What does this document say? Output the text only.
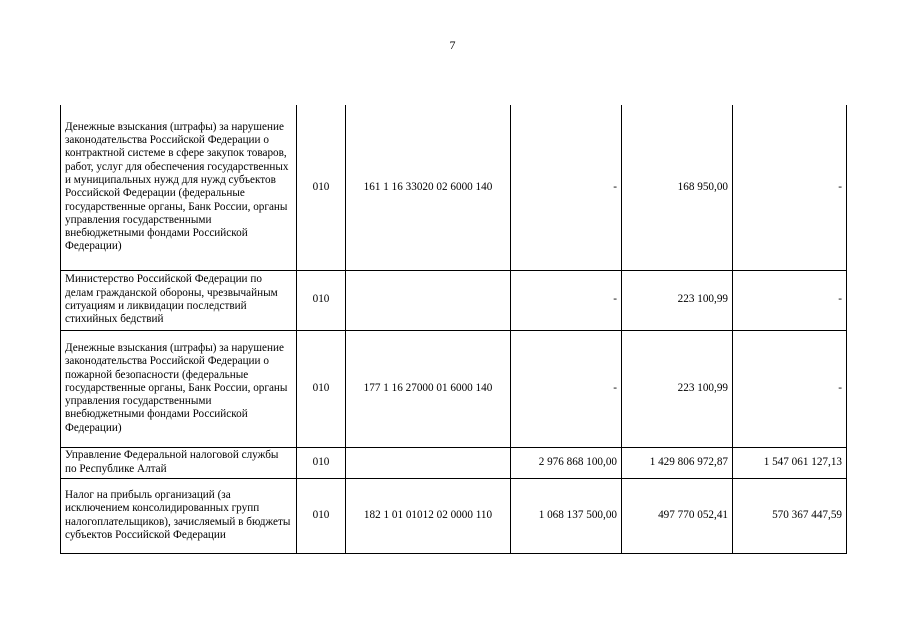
7
Денежные взыскания (штрафы) за нарушение законодательства Российской Федерации о контрактной системе в сфере закупок товаров, работ, услуг для обеспечения государственных и муниципальных нужд для нужд субъектов Российской Федерации (федеральные государственные органы, Банк России, органы управления государственными внебюджетными фондами Российской Федерации)	010	161 1 16 33020 02 6000 140	-	168 950,00	-
Министерство Российской Федерации по делам гражданской обороны, чрезвычайным ситуациям и ликвидации последствий стихийных бедствий	010		-	223 100,99	-
Денежные взыскания (штрафы) за нарушение законодательства Российской Федерации о пожарной безопасности (федеральные государственные органы, Банк России, органы управления государственными внебюджетными фондами Российской Федерации)	010	177 1 16 27000 01 6000 140	-	223 100,99	-
Управление Федеральной налоговой службы по Республике Алтай	010		2 976 868 100,00	1 429 806 972,87	1 547 061 127,13
Налог на прибыль организаций (за исключением консолидированных групп налогоплательщиков), зачисляемый в бюджеты субъектов Российской Федерации	010	182 1 01 01012 02 0000 110	1 068 137 500,00	497 770 052,41	570 367 447,59
